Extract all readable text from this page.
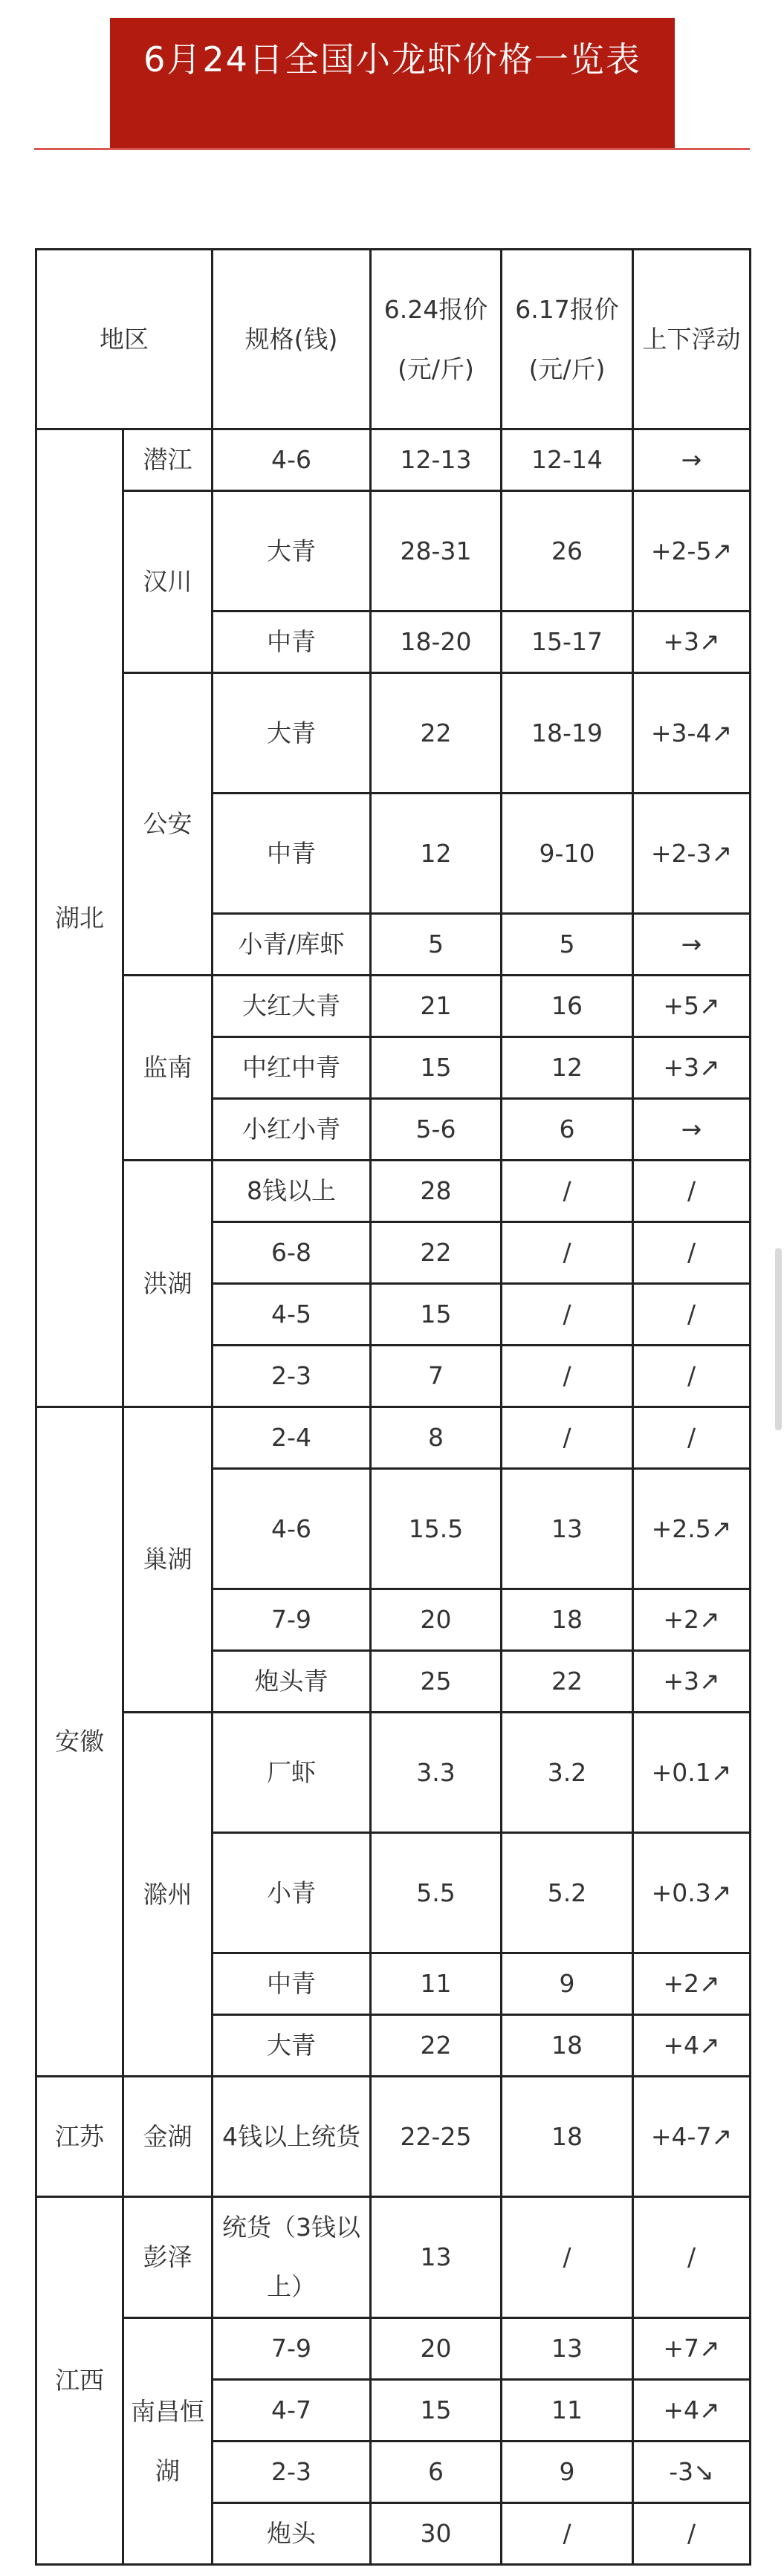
6月24日全国小龙虾价格一览表
地区		规格(钱)	6.24报价(元/斤)	6.17报价(元/斤)	上下浮动
湖北	潜江	4-6	12-13	12-14	→
	汉川	大青	28-31	26	+2-5↗
		中青	18-20	15-17	+3↗
	公安	大青	22	18-19	+3-4↗
		中青	12	9-10	+2-3↗
		小青/库虾	5	5	→
	监南	大红大青	21	16	+5↗
		中红中青	15	12	+3↗
		小红小青	5-6	6	→
	洪湖	8钱以上	28	/	/
		6-8	22	/	/
		4-5	15	/	/
		2-3	7	/	/
安徽	巢湖	2-4	8	/	/
		4-6	15.5	13	+2.5↗
		7-9	20	18	+2↗
		炮头青	25	22	+3↗
	滁州	厂虾	3.3	3.2	+0.1↗
		小青	5.5	5.2	+0.3↗
		中青	11	9	+2↗
		大青	22	18	+4↗
江苏	金湖	4钱以上统货	22-25	18	+4-7↗
江西	彭泽	统货（3钱以上）	13	/	/
	南昌恒湖	7-9	20	13	+7↗
		4-7	15	11	+4↗
		2-3	6	9	-3↘
		炮头	30	/	/
